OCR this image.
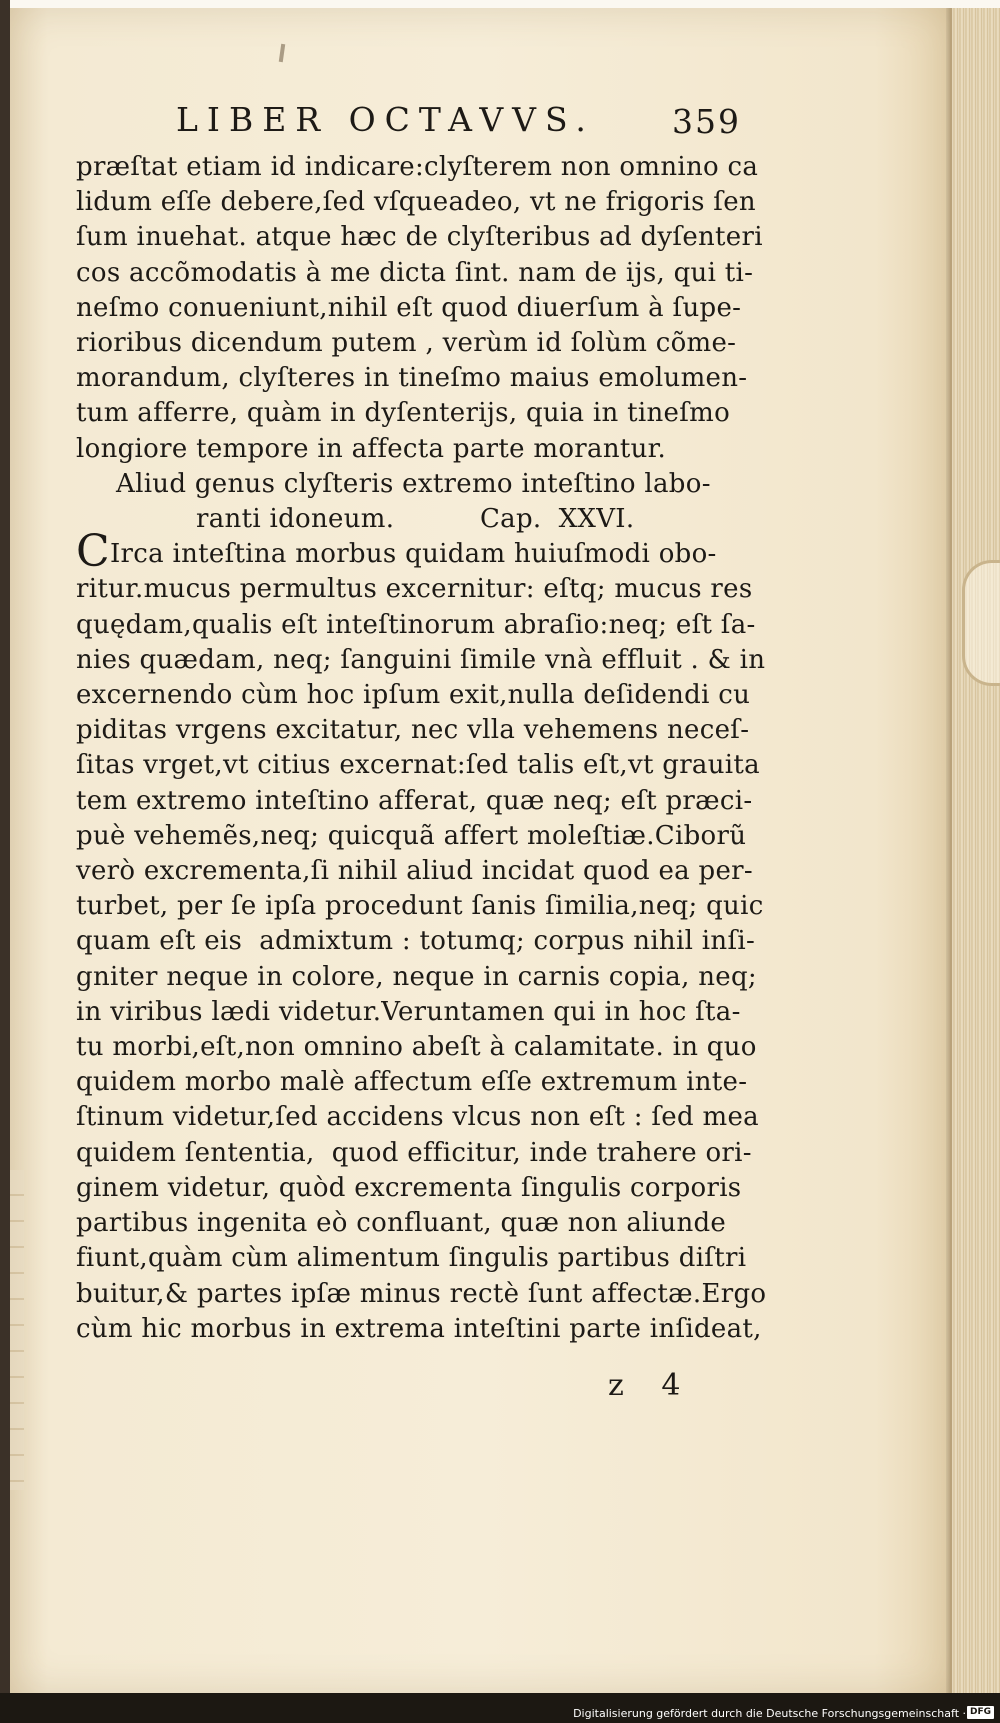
LIBER OCTAVVS.	359
præſtat etiam id indicare:clyſterem non omnino ca
lidum eſſe debere,ſed vſqueadeo, vt ne frigoris ſen
ſum inuehat. atque hæc de clyſteribus ad dyſenteri
cos accõmodatis à me dicta ſint. nam de ijs, qui ti-
neſmo conueniunt,nihil eſt quod diuerſum à ſupe-
rioribus dicendum putem , verùm id ſolùm cõme-
morandum, clyſteres in tineſmo maius emolumen-
tum afferre, quàm in dyſenterijs, quia in tineſmo
longiore tempore in affecta parte morantur.
Aliud genus clyſteris extremo inteſtino labo-
ranti idoneum.          Cap.  XXVI.
CIrca inteſtina morbus quidam huiuſmodi obo-
ritur.mucus permultus excernitur: eſtq; mucus res
quędam,qualis eſt inteſtinorum abraſio:neq; eſt ſa-
nies quædam, neq; ſanguini ſimile vnà effluit . & in
excernendo cùm hoc ipſum exit,nulla deſidendi cu
piditas vrgens excitatur, nec vlla vehemens neceſ-
ſitas vrget,vt citius excernat:ſed talis eſt,vt grauita
tem extremo inteſtino afferat, quæ neq; eſt præci-
puè vehemẽs,neq; quicquã affert moleſtiæ.Ciborũ
verò excrementa,ſi nihil aliud incidat quod ea per-
turbet, per ſe ipſa procedunt ſanis ſimilia,neq; quic
quam eſt eis  admixtum : totumq; corpus nihil inſi-
gniter neque in colore, neque in carnis copia, neq;
in viribus lædi videtur.Veruntamen qui in hoc ſta-
tu morbi,eſt,non omnino abeſt à calamitate. in quo
quidem morbo malè affectum eſſe extremum inte-
ſtinum videtur,ſed accidens vlcus non eſt : ſed mea
quidem ſententia,  quod efficitur, inde trahere ori-
ginem videtur, quòd excrementa ſingulis corporis
partibus ingenita eò confluant, quæ non aliunde
fiunt,quàm cùm alimentum ſingulis partibus diſtri
buitur,& partes ipſæ minus rectè ſunt affectæ.Ergo
cùm hic morbus in extrema inteſtini parte inſideat,
z 4
Digitalisierung gefördert durch die Deutsche Forschungsgemeinschaft · DFG
